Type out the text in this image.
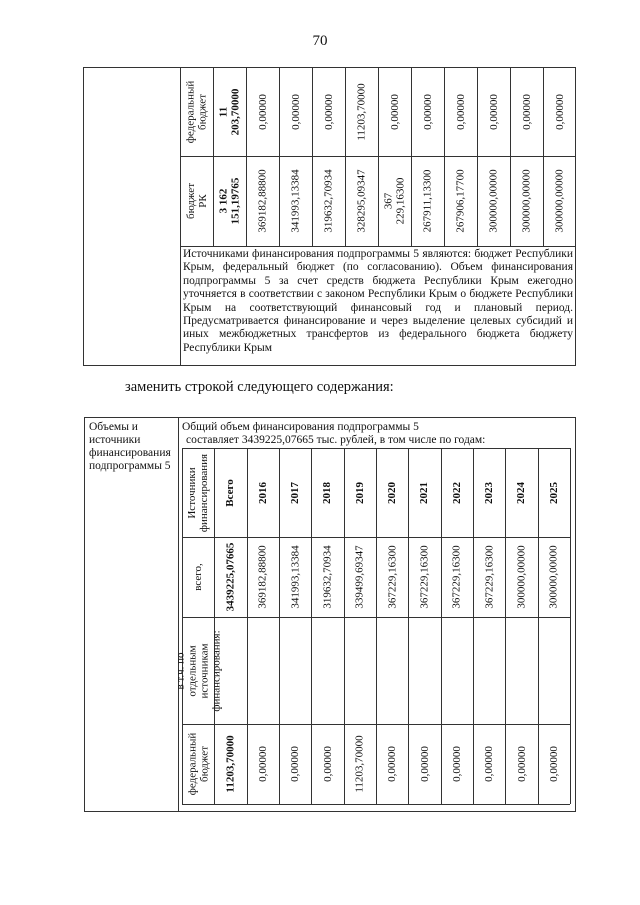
70
бюджет РК
федеральный бюджет
3 162 151,19765
11 203,70000
369182,88800
0,00000
341993,13384
0,00000
319632,70934
0,00000
328295,09347
11203,70000
367 229,16300
0,00000
267911,13300
0,00000
267906,17700
0,00000
300000,00000
0,00000
300000,00000
0,00000
300000,00000
0,00000
Источниками финансирования подпрограммы 5 являются: бюджет Республики Крым, федеральный бюджет (по согласованию). Объем финансирования подпрограммы 5 за счет средств бюджета Республики Крым ежегодно уточняется в соответствии с законом Республики Крым о бюджете Республики Крым на соответствующий финансовый год и плановый период. Предусматривается финансирование и через выделение целевых субсидий и иных межбюджетных трансфертов из федерального бюджета бюджету Республики Крым
заменить строкой следующего содержания:
Объемы и источники финансирования подпрограммы 5
Общий объем финансирования подпрограммы 5
составляет 3439225,07665 тыс. рублей, в том числе по годам:
Источники финансирования
всего,
в т.ч. по отдельным источникам финансирования:
федеральный бюджет
Всего
3439225,07665
11203,70000
2016
369182,88800
0,00000
2017
341993,13384
0,00000
2018
319632,70934
0,00000
2019
339499,69347
11203,70000
2020
367229,16300
0,00000
2021
367229,16300
0,00000
2022
367229,16300
0,00000
2023
367229,16300
0,00000
2024
300000,00000
0,00000
2025
300000,00000
0,00000
